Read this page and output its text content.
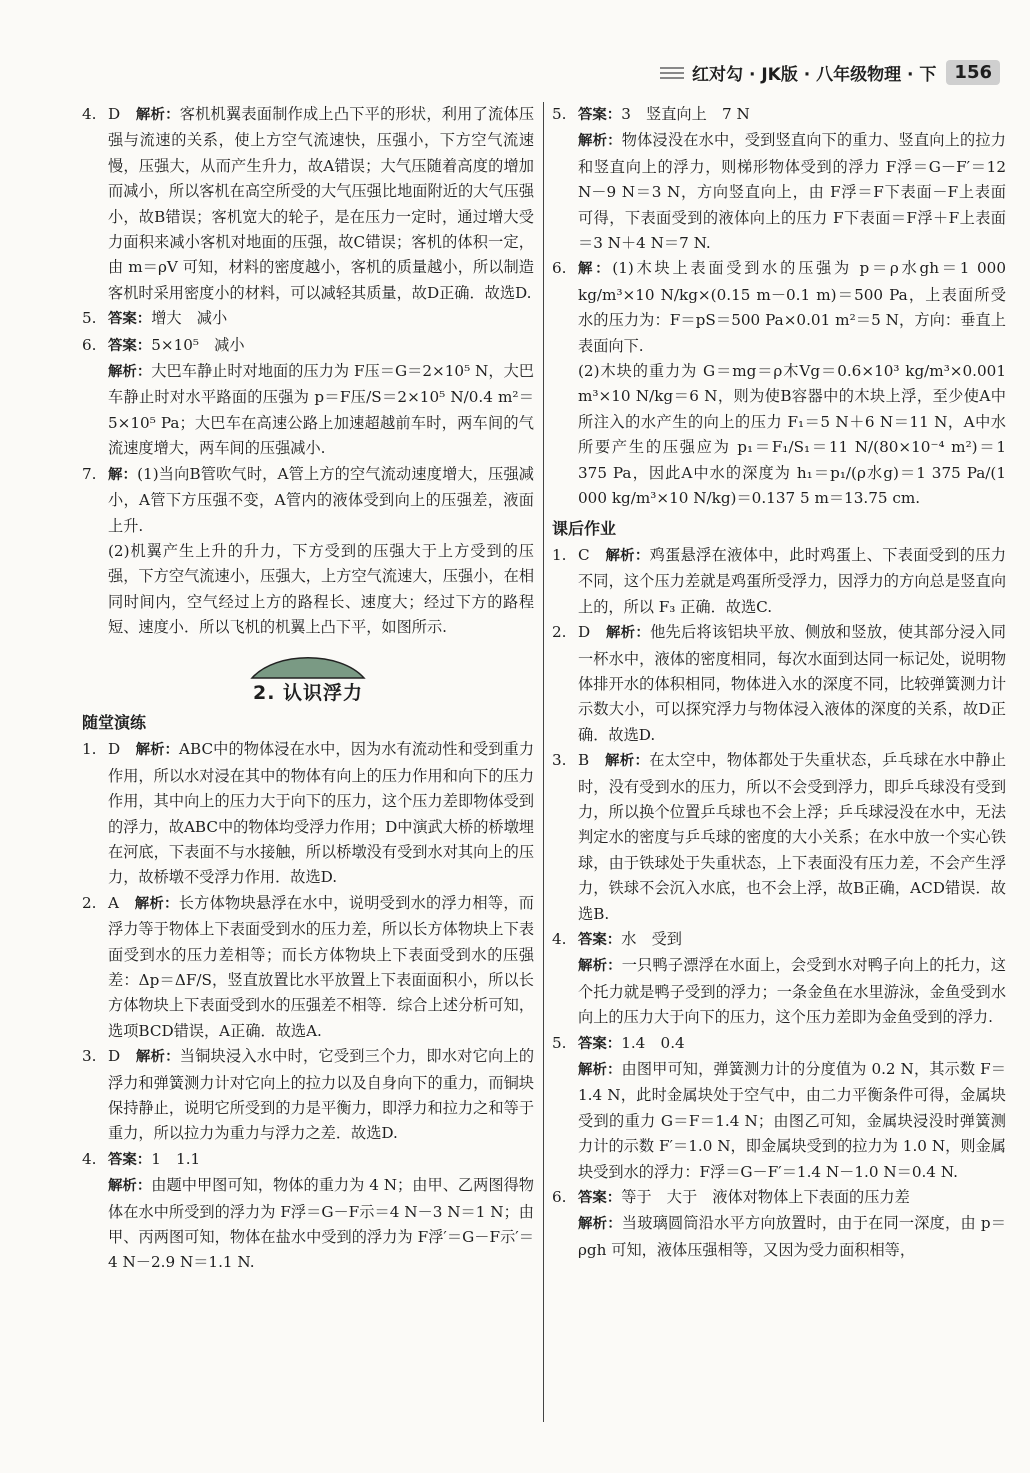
红对勾 · JK版 · 八年级物理 · 下	156
4. D　 解析：客机机翼表面制作成上凸下平的形状，利用了流体压强与流速的关系，使上方空气流速快，压强小，下方空气流速慢，压强大，从而产生升力，故A错误；大气压随着高度的增加而减小，所以客机在高空所受的大气压强比地面附近的大气压强小，故B错误；客机宽大的轮子，是在压力一定时，通过增大受力面积来减小客机对地面的压强，故C错误；客机的体积一定，由 m＝ρV 可知，材料的密度越小，客机的质量越小，所以制造客机时采用密度小的材料，可以减轻其质量，故D正确．故选D.
5. 答案：增大　减小
6. 答案：5×10⁵　减小
解析：大巴车静止时对地面的压力为 F压＝G＝2×10⁵ N，大巴车静止时对水平路面的压强为 p＝F压/S＝2×10⁵ N/0.4 m²＝5×10⁵ Pa；大巴车在高速公路上加速超越前车时，两车间的气流速度增大，两车间的压强减小.
7. 解：(1)当向B管吹气时，A管上方的空气流动速度增大，压强减小，A管下方压强不变，A管内的液体受到向上的压强差，液面上升.
(2)机翼产生上升的升力，下方受到的压强大于上方受到的压强，下方空气流速小，压强大，上方空气流速大，压强小，在相同时间内，空气经过上方的路程长、速度大；经过下方的路程短、速度小．所以飞机的机翼上凸下平，如图所示.
2. 认识浮力
随堂演练
1. D　 解析：ABC中的物体浸在水中，因为水有流动性和受到重力作用，所以水对浸在其中的物体有向上的压力作用和向下的压力作用，其中向上的压力大于向下的压力，这个压力差即物体受到的浮力，故ABC中的物体均受浮力作用；D中演武大桥的桥墩埋在河底，下表面不与水接触，所以桥墩没有受到水对其向上的压力，故桥墩不受浮力作用．故选D.
2. A　 解析：长方体物块悬浮在水中，说明受到水的浮力相等，而浮力等于物体上下表面受到水的压力差，所以长方体物块上下表面受到水的压力差相等；而长方体物块上下表面受到水的压强差：Δp＝ΔF/S，竖直放置比水平放置上下表面面积小，所以长方体物块上下表面受到水的压强差不相等．综合上述分析可知，选项BCD错误，A正确．故选A.
3. D　 解析：当铜块浸入水中时，它受到三个力，即水对它向上的浮力和弹簧测力计对它向上的拉力以及自身向下的重力，而铜块保持静止，说明它所受到的力是平衡力，即浮力和拉力之和等于重力，所以拉力为重力与浮力之差．故选D.
4. 答案：1　1.1
解析：由题中甲图可知，物体的重力为 4 N；由甲、乙两图得物体在水中所受到的浮力为 F浮＝G－F示＝4 N－3 N＝1 N；由甲、丙两图可知，物体在盐水中受到的浮力为 F浮′＝G－F示′＝4 N－2.9 N＝1.1 N.
5. 答案：3　竖直向上　7 N
解析：物体浸没在水中，受到竖直向下的重力、竖直向上的拉力和竖直向上的浮力，则梯形物体受到的浮力 F浮＝G－F′＝12 N－9 N＝3 N，方向竖直向上，由 F浮＝F下表面－F上表面 可得，下表面受到的液体向上的压力 F下表面＝F浮＋F上表面＝3 N＋4 N＝7 N.
6. 解：(1)木块上表面受到水的压强为 p＝ρ水gh＝1 000 kg/m³×10 N/kg×(0.15 m－0.1 m)＝500 Pa，上表面所受水的压力为：F＝pS＝500 Pa×0.01 m²＝5 N，方向：垂直上表面向下.
(2)木块的重力为 G＝mg＝ρ木Vg＝0.6×10³ kg/m³×0.001 m³×10 N/kg＝6 N，则为使B容器中的木块上浮，至少使A中所注入的水产生的向上的压力 F₁＝5 N＋6 N＝11 N，A中水所要产生的压强应为 p₁＝F₁/S₁＝11 N/(80×10⁻⁴ m²)＝1 375 Pa，因此A中水的深度为 h₁＝p₁/(ρ水g)＝1 375 Pa/(1 000 kg/m³×10 N/kg)＝0.137 5 m＝13.75 cm.
课后作业
1. C　 解析：鸡蛋悬浮在液体中，此时鸡蛋上、下表面受到的压力不同，这个压力差就是鸡蛋所受浮力，因浮力的方向总是竖直向上的，所以 F₃ 正确．故选C.
2. D　 解析：他先后将该铝块平放、侧放和竖放，使其部分浸入同一杯水中，液体的密度相同，每次水面到达同一标记处，说明物体排开水的体积相同，物体进入水的深度不同，比较弹簧测力计示数大小，可以探究浮力与物体浸入液体的深度的关系，故D正确．故选D.
3. B　 解析：在太空中，物体都处于失重状态，乒乓球在水中静止时，没有受到水的压力，所以不会受到浮力，即乒乓球没有受到力，所以换个位置乒乓球也不会上浮；乒乓球浸没在水中，无法判定水的密度与乒乓球的密度的大小关系；在水中放一个实心铁球，由于铁球处于失重状态，上下表面没有压力差，不会产生浮力，铁球不会沉入水底，也不会上浮，故B正确，ACD错误．故选B.
4. 答案：水　受到
解析：一只鸭子漂浮在水面上，会受到水对鸭子向上的托力，这个托力就是鸭子受到的浮力；一条金鱼在水里游泳，金鱼受到水向上的压力大于向下的压力，这个压力差即为金鱼受到的浮力.
5. 答案：1.4　0.4
解析：由图甲可知，弹簧测力计的分度值为 0.2 N，其示数 F＝1.4 N，此时金属块处于空气中，由二力平衡条件可得，金属块受到的重力 G＝F＝1.4 N；由图乙可知，金属块浸没时弹簧测力计的示数 F′＝1.0 N，即金属块受到的拉力为 1.0 N，则金属块受到水的浮力：F浮＝G－F′＝1.4 N－1.0 N＝0.4 N.
6. 答案：等于　大于　液体对物体上下表面的压力差
解析：当玻璃圆筒沿水平方向放置时，由于在同一深度，由 p＝ρgh 可知，液体压强相等，又因为受力面积相等，
